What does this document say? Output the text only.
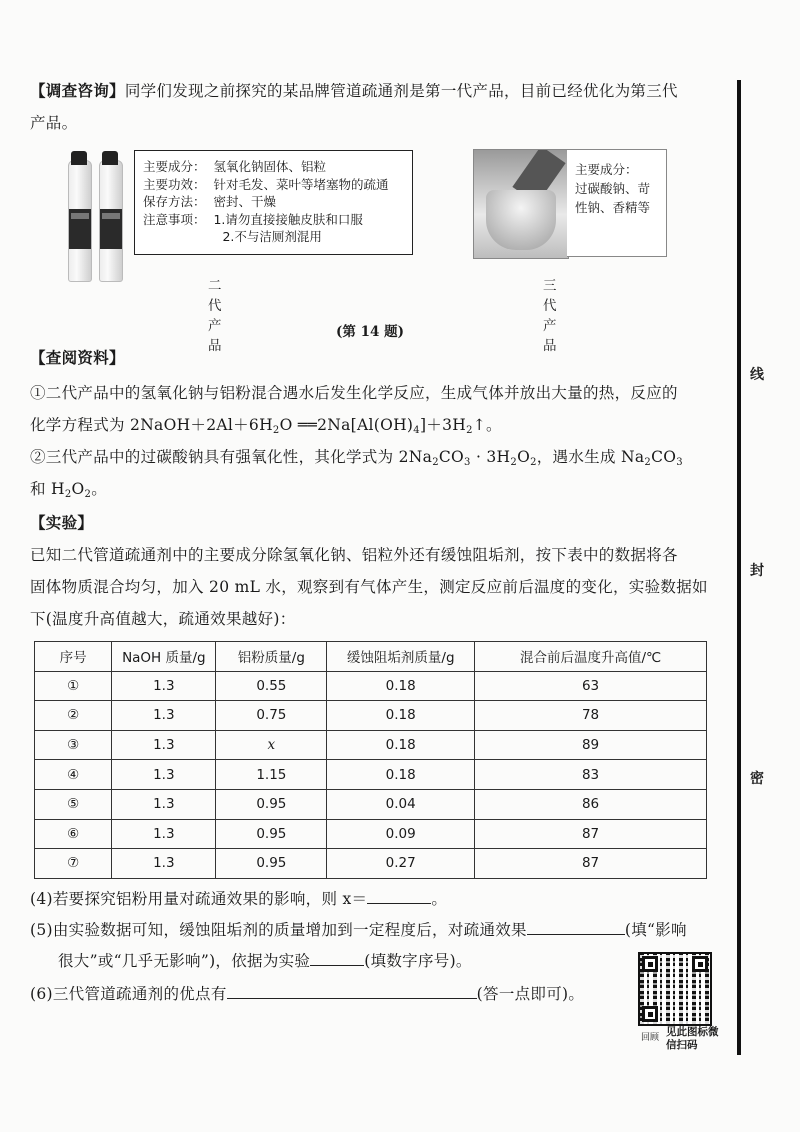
线
封
密
【调查咨询】同学们发现之前探究的某品牌管道疏通剂是第一代产品，目前已经优化为第三代
产品。
主要成分：  氢氧化钠固体、铝粒
主要功效：  针对毛发、菜叶等堵塞物的疏通
保存方法：  密封、干燥
注意事项：  1.请勿直接接触皮肤和口服
2.不与洁厕剂混用
二代产品
主要成分：
过碳酸钠、苛
性钠、香精等
三代产品
(第 14 题)
【查阅资料】
①二代产品中的氢氧化钠与铝粉混合遇水后发生化学反应，生成气体并放出大量的热，反应的
化学方程式为 $2NaOH+2Al+6H_2O$ $══2Na[Al(OH)_4]+3H_2↑$。
②三代产品中的过碳酸钠具有强氧化性，其化学式为 $2Na_2CO_3 \cdot 3H_2O_2$，遇水生成 $Na_2CO_3$
和 $H_2O_2$。
【实验】
已知二代管道疏通剂中的主要成分除氢氧化钠、铝粒外还有缓蚀阻垢剂，按下表中的数据将各
固体物质混合均匀，加入 20 mL 水，观察到有气体产生，测定反应前后温度的变化，实验数据如
下(温度升高值越大，疏通效果越好)：
序号	NaOH 质量/g	铝粉质量/g	缓蚀阻垢剂质量/g	混合前后温度升高值/℃
①	1.3	0.55	0.18	63
②	1.3	0.75	0.18	78
③	1.3	x	0.18	89
④	1.3	1.15	0.18	83
⑤	1.3	0.95	0.04	86
⑥	1.3	0.95	0.09	87
⑦	1.3	0.95	0.27	87
(4)若要探究铝粉用量对疏通效果的影响，则 x＝	。
(5)由实验数据可知，缓蚀阻垢剂的质量增加到一定程度后，对疏通效果	(填“影响
很大”或“几乎无影响”)，依据为实验	(填数字序号)。
(6)三代管道疏通剂的优点有	(答一点即可)。
回顾 见此图标微信扫码
